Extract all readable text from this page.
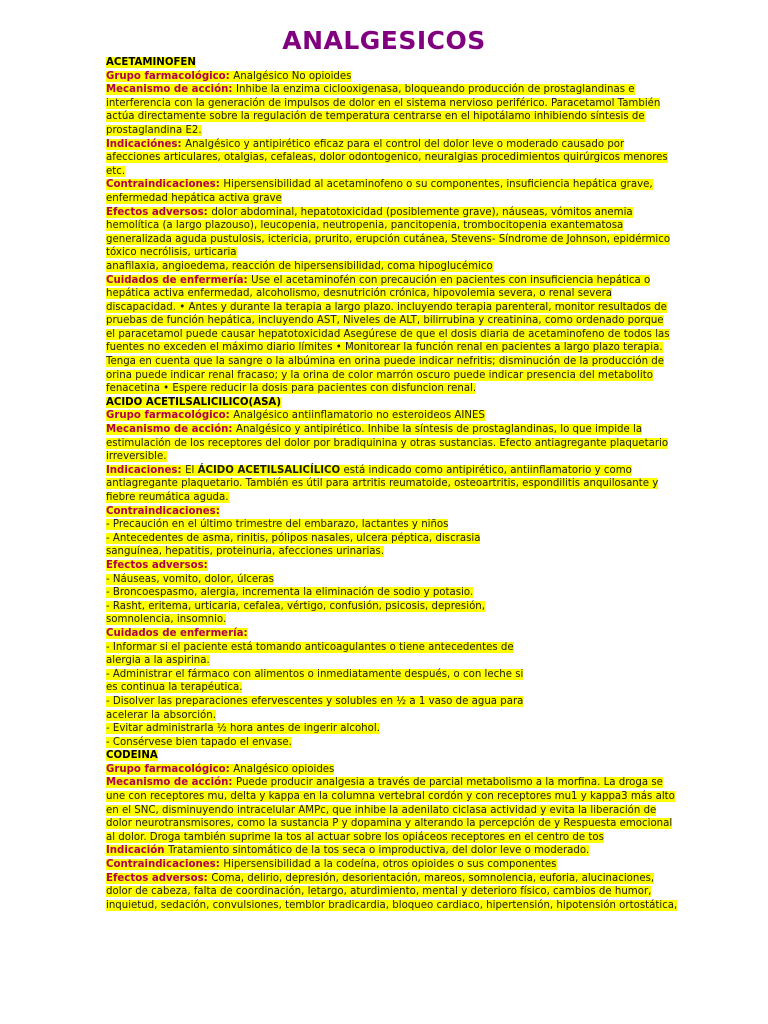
ANALGESICOS
ACETAMINOFEN
Grupo farmacológico: Analgésico No opioides
Mecanismo de acción: Inhibe la enzima ciclooxigenasa, bloqueando producción de prostaglandinas e
interferencia con la generación de impulsos de dolor en el sistema nervioso periférico. Paracetamol También
actúa directamente sobre la regulación de temperatura centrarse en el hipotálamo inhibiendo síntesis de
prostaglandina E2.
Indicaciónes: Analgésico y antipirético eficaz para el control del dolor leve o moderado causado por
afecciones articulares, otalgias, cefaleas, dolor odontogenico, neuralgias procedimientos quirúrgicos menores
etc.
Contraindicaciones: Hipersensibilidad al acetaminofeno o su componentes, insuficiencia hepática grave,
enfermedad hepática activa grave
Efectos adversos: dolor abdominal, hepatotoxicidad (posiblemente grave), náuseas, vómitos anemia
hemolítica (a largo plazouso), leucopenia, neutropenia, pancitopenia, trombocitopenia exantematosa
generalizada aguda pustulosis, ictericia, prurito, erupción cutánea, Stevens- Síndrome de Johnson, epidérmico
tóxico necrólisis, urticaria
anafilaxia, angioedema, reacción de hipersensibilidad, coma hipoglucémico
Cuidados de enfermería: Use el acetaminofén con precaución en pacientes con insuficiencia hepática o
hepática activa enfermedad, alcoholismo, desnutrición crónica, hipovolemia severa, o renal severa
discapacidad. • Antes y durante la terapia a largo plazo. incluyendo terapia parenteral, monitor resultados de
pruebas de función hepática, incluyendo AST, Niveles de ALT, bilirrubina y creatinina, como ordenado porque
el paracetamol puede causar hepatotoxicidad Asegúrese de que el dosis diaria de acetaminofeno de todos las
fuentes no exceden el máximo diario límites • Monitorear la función renal en pacientes a largo plazo terapia.
Tenga en cuenta que la sangre o la albúmina en orina puede indicar nefritis; disminución de la producción de
orina puede indicar renal fracaso; y la orina de color marrón oscuro puede indicar presencia del metabolito
fenacetina • Espere reducir la dosis para pacientes con disfuncion renal.
ACIDO ACETILSALICILICO(ASA)
Grupo farmacológico: Analgésico antiinflamatorio no esteroideos AINES
Mecanismo de acción: Analgésico y antipirético. Inhibe la síntesis de prostaglandinas, lo que impide la
estimulación de los receptores del dolor por bradiquinina y otras sustancias. Efecto antiagregante plaquetario
irreversible.
Indicaciones: El ÁCIDO ACETILSALICÍLICO está indicado como antipirético, antiinflamatorio y como
antiagregante plaquetario. También es útil para artritis reumatoide, osteoartritis, espondilitis anquilosante y
fiebre reumática aguda.
Contraindicaciones:
- Precaución en el último trimestre del embarazo, lactantes y niños
- Antecedentes de asma, rinitis, pólipos nasales, ulcera péptica, discrasia
sanguínea, hepatitis, proteinuria, afecciones urinarias.
Efectos adversos:
- Náuseas, vomito, dolor, úlceras
- Broncoespasmo, alergia, incrementa la eliminación de sodio y potasio.
- Rasht, eritema, urticaria, cefalea, vértigo, confusión, psicosis, depresión,
somnolencia, insomnio.
Cuidados de enfermería:
- Informar si el paciente está tomando anticoagulantes o tiene antecedentes de
alergia a la aspirina.
- Administrar el fármaco con alimentos o inmediatamente después, o con leche si
es continua la terapéutica.
- Disolver las preparaciones efervescentes y solubles en ½ a 1 vaso de agua para
acelerar la absorción.
- Evitar administrarla ½ hora antes de ingerir alcohol.
- Consérvese bien tapado el envase.
CODEINA
Grupo farmacológico: Analgésico opioides
Mecanismo de acción: Puede producir analgesia a través de parcial metabolismo a la morfina. La droga se
une con receptores mu, delta y kappa en la columna vertebral cordón y con receptores mu1 y kappa3 más alto
en el SNC, disminuyendo intracelular AMPc, que inhibe la adenilato ciclasa actividad y evita la liberación de
dolor neurotransmisores, como la sustancia P y dopamina y alterando la percepción de y Respuesta emocional
al dolor. Droga también suprime la tos al actuar sobre los opiáceos receptores en el centro de tos
Indicación Tratamiento sintomático de la tos seca o improductiva, del dolor leve o moderado.
Contraindicaciones: Hipersensibilidad a la codeína, otros opioides o sus componentes
Efectos adversos: Coma, delirio, depresión, desorientación, mareos, somnolencia, euforia, alucinaciones,
dolor de cabeza, falta de coordinación, letargo, aturdimiento, mental y deterioro físico, cambios de humor,
inquietud, sedación, convulsiones, temblor bradicardia, bloqueo cardiaco, hipertensión, hipotensión ortostática,
